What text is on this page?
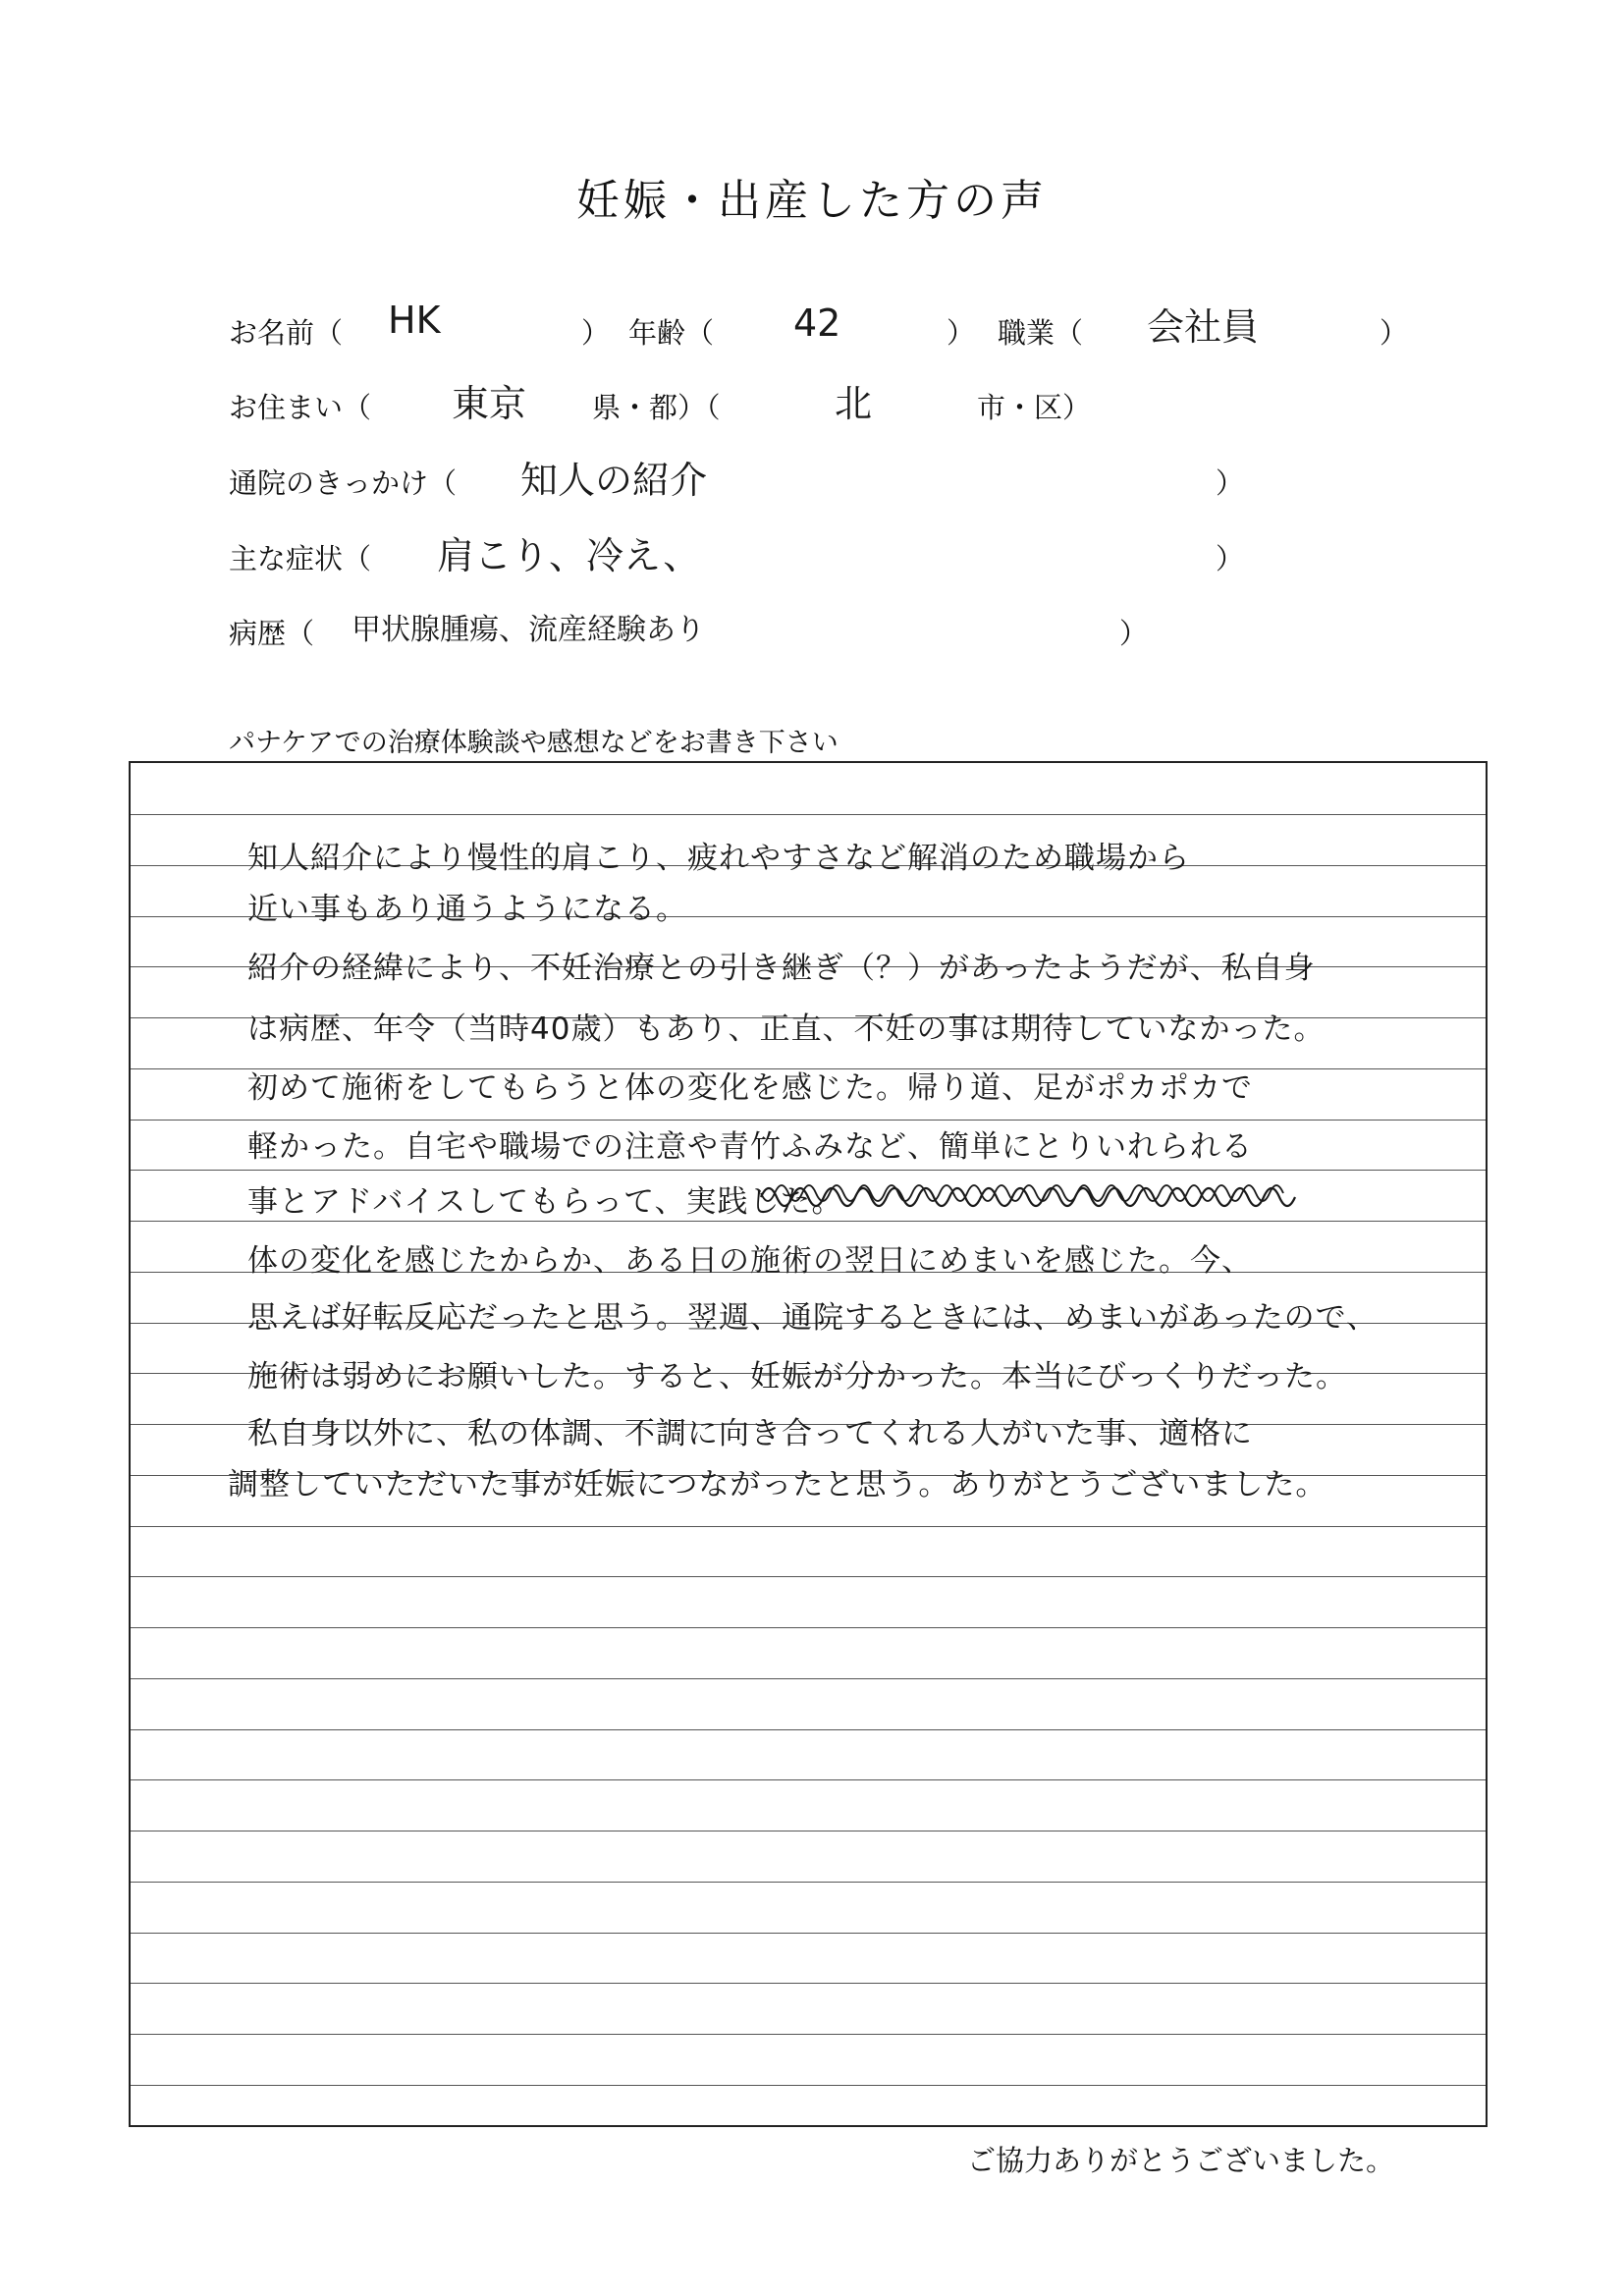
妊娠・出産した方の声
お名前（ HK	） 年齢（ 42	） 職業（ 会社員	）
お住まい（ 東京 県・都）（	北	市・区）
通院のきっかけ（ 知人の紹介	）
主な症状（ 肩こり、冷え、	）
病歴（ 甲状腺腫瘍、流産経験あり	）
パナケアでの治療体験談や感想などをお書き下さい
知人紹介により慢性的肩こり、疲れやすさなど解消のため職場から
近い事もあり通うようになる。
紹介の経緯により、不妊治療との引き継ぎ（？）があったようだが、私自身
は病歴、年令（当時40歳）もあり、正直、不妊の事は期待していなかった。
初めて施術をしてもらうと体の変化を感じた。帰り道、足がポカポカで
軽かった。自宅や職場での注意や青竹ふみなど、簡単にとりいれられる
事とアドバイスしてもらって、実践した。
体の変化を感じたからか、ある日の施術の翌日にめまいを感じた。今、
思えば好転反応だったと思う。翌週、通院するときには、めまいがあったので、
施術は弱めにお願いした。すると、妊娠が分かった。本当にびっくりだった。
私自身以外に、私の体調、不調に向き合ってくれる人がいた事、適格に
調整していただいた事が妊娠につながったと思う。ありがとうございました。
ご協力ありがとうございました。
